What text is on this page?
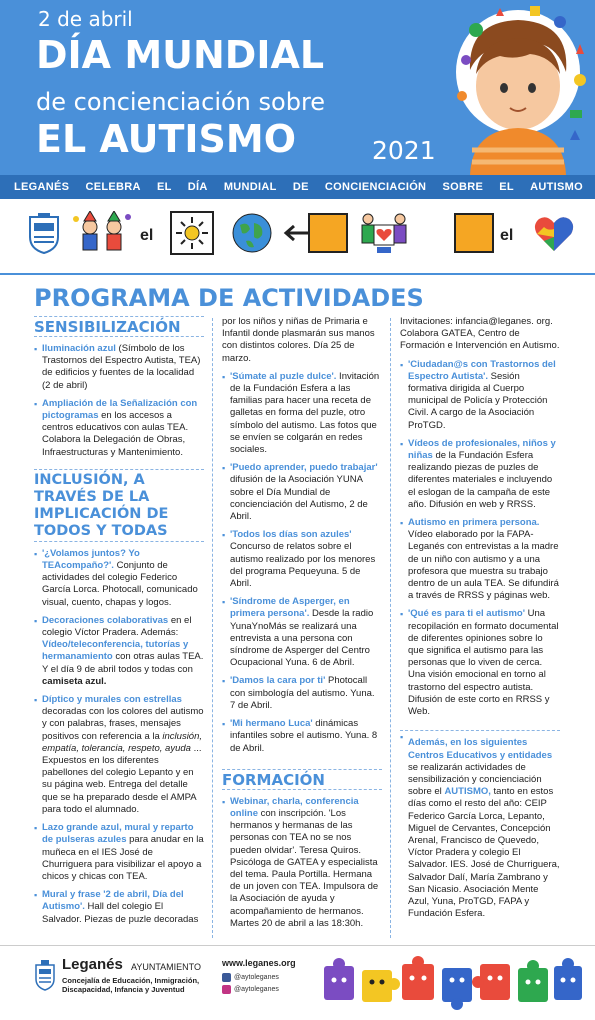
2 de abril
DÍA MUNDIAL
de concienciación sobre
EL AUTISMO	2021
LEGANÉS CELEBRA EL DÍA MUNDIAL DE CONCIENCIACIÓN SOBRE EL AUTISMO
el	el
PROGRAMA DE ACTIVIDADES
SENSIBILIZACIÓN
▪ Iluminación azul (Símbolo de los Trastornos del Espectro Autista, TEA) de edificios y fuentes de la localidad (2 de abril)
▪ Ampliación de la Señalización con pictogramas en los accesos a centros educativos con aulas TEA. Colabora la Delegación de Obras, Infraestructuras y Mantenimiento.
INCLUSIÓN, A TRAVÉS DE LA IMPLICACIÓN DE TODOS Y TODAS
▪ '¿Volamos juntos? Yo TEAcompaño?'. Conjunto de actividades del colegio Federico García Lorca. Photocall, comunicado visual, cuento, chapas y logos.
▪ Decoraciones colaborativas en el colegio Víctor Pradera. Además: Vídeo/teleconferencia, tutorías y hermanamiento con otras aulas TEA. Y el día 9 de abril todos y todas con camiseta azul.
▪ Díptico y murales con estrellas decoradas con los colores del autismo y con palabras, frases, mensajes positivos con referencia a la inclusión, empatía, tolerancia, respeto, ayuda ... Expuestos en los diferentes pabellones del colegio Lepanto y en su página web. Entrega del detalle que se ha preparado desde el AMPA para todo el alumnado.
▪ Lazo grande azul, mural y reparto de pulseras azules para anudar en la muñeca en el IES José de Churriguera para visibilizar el apoyo a chicos y chicas con TEA.
▪ Mural y frase '2 de abril, Día del Autismo'. Hall del colegio El Salvador. Piezas de puzle decoradas
por los niños y niñas de Primaria e Infantil donde plasmarán sus manos con distintos colores. Día 25 de marzo.
▪ 'Súmate al puzle dulce'. Invitación de la Fundación Esfera a las familias para hacer una receta de galletas en forma del puzle, otro símbolo del autismo. Las fotos que se envíen se colgarán en redes sociales.
▪ 'Puedo aprender, puedo trabajar' difusión de la Asociación YUNA sobre el Día Mundial de concienciación del Autismo, 2 de Abril.
▪ 'Todos los días son azules' Concurso de relatos sobre el autismo realizado por los menores del programa Pequeyuna. 5 de Abril.
▪ 'Síndrome de Asperger, en primera persona'. Desde la radio YunaYnoMás se realizará una entrevista a una persona con síndrome de Asperger del Centro Ocupacional Yuna. 6 de Abril.
▪ 'Damos la cara por ti' Photocall con simbología del autismo. Yuna. 7 de Abril.
▪ 'Mi hermano Luca' dinámicas infantiles sobre el autismo. Yuna. 8 de Abril.
FORMACIÓN
▪ Webinar, charla, conferencia online con inscripción. 'Los hermanos y hermanas de las personas con TEA no se nos pueden olvidar'. Teresa Quiros. Psicóloga de GATEA y especialista del tema. Paula Portilla. Hermana de un joven con TEA. Impulsora de la Asociación de ayuda y acompañamiento de hermanos. Martes 20 de abril a las 18:30h.
Invitaciones: infancia@leganes. org. Colabora GATEA, Centro de Formación e Intervención en Autismo.
▪ 'Ciudadan@s con Trastornos del Espectro Autista'. Sesión formativa dirigida al Cuerpo municipal de Policía y Protección Civil. A cargo de la Asociación ProTGD.
▪ Vídeos de profesionales, niños y niñas de la Fundación Esfera realizando piezas de puzles de diferentes materiales e incluyendo el eslogan de la campaña de este año. Difusión en web y RRSS.
▪ Autismo en primera persona. Vídeo elaborado por la FAPA-Leganés con entrevistas a la madre de un niño con autismo y a una profesora que muestra su trabajo dentro de un aula TEA. Se difundirá a través de RRSS y páginas web.
▪ 'Qué es para ti el autismo' Una recopilación en formato documental de diferentes opiniones sobre lo que significa el autismo para las personas que lo viven de cerca. Una visión emocional en torno al trastorno del espectro autista. Difusión de este corto en RRSS y Web.
▪ Además, en los siguientes Centros Educativos y entidades se realizarán actividades de sensibilización y concienciación sobre el AUTISMO, tanto en estos días como el resto del año: CEIP Federico García Lorca, Lepanto, Miguel de Cervantes, Concepción Arenal, Francisco de Quevedo, Víctor Pradera y colegio El Salvador. IES. José de Churriguera, Salvador Dalí, María Zambrano y San Nicasio. Asociación Mente Azul, Yuna, ProTGD, FAPA y Fundación Esfera.
Leganés AYUNTAMIENTO
Concejalía de Educación, Inmigración, Discapacidad, Infancia y Juventud
www.leganes.org
@aytoleganes
@aytoleganes
